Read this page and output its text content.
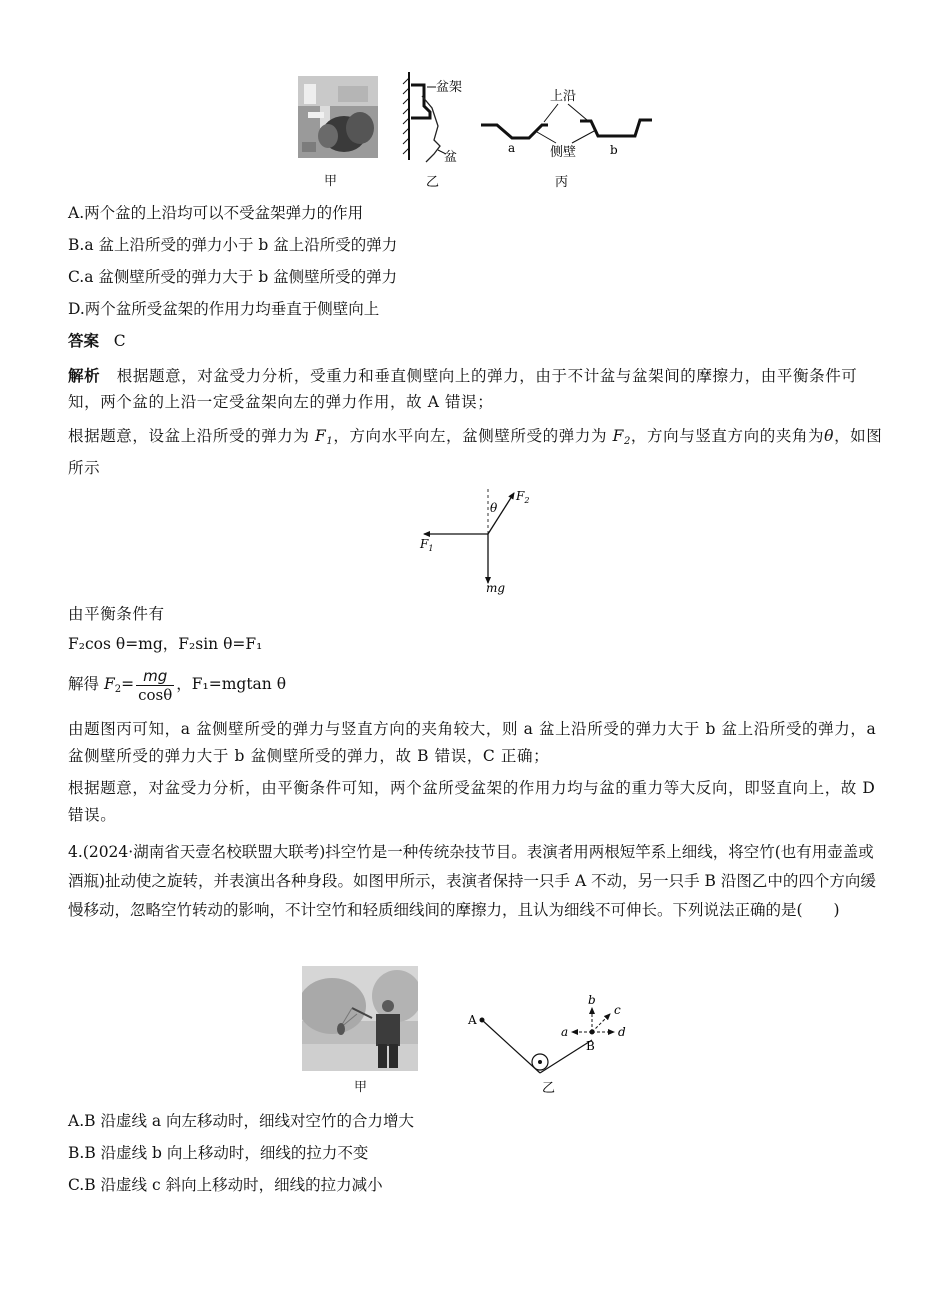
盆架
盆
上沿
侧壁
a	b
乙	丙
甲
A.两个盆的上沿均可以不受盆架弹力的作用
B.a 盆上沿所受的弹力小于 b 盆上沿所受的弹力
C.a 盆侧壁所受的弹力大于 b 盆侧壁所受的弹力
D.两个盆所受盆架的作用力均垂直于侧壁向上
答案 C
解析 根据题意，对盆受力分析，受重力和垂直侧壁向上的弹力，由于不计盆与盆架间的摩擦力，由平衡条件可知，两个盆的上沿一定受盆架向左的弹力作用，故 A 错误；
根据题意，设盆上沿所受的弹力为 $F_1$，方向水平向左，盆侧壁所受的弹力为 $F_2$，方向与竖直方向的夹角为θ，如图所示
θ
$F_2$
$F_1$
mg
由平衡条件有
F₂cos θ=mg，F₂sin θ=F₁
解得 $F_2= \frac{mg}{\cos\theta}$ ，F₁=mgtan θ
由题图丙可知，a 盆侧壁所受的弹力与竖直方向的夹角较大，则 a 盆上沿所受的弹力大于 b 盆上沿所受的弹力，a 盆侧壁所受的弹力大于 b 盆侧壁所受的弹力，故 B 错误，C 正确；
根据题意，对盆受力分析，由平衡条件可知，两个盆所受盆架的作用力均与盆的重力等大反向，即竖直向上，故 D 错误。
4.(2024·湖南省天壹名校联盟大联考)抖空竹是一种传统杂技节目。表演者用两根短竿系上细线，将空竹(也有用壶盖或酒瓶)扯动使之旋转，并表演出各种身段。如图甲所示，表演者保持一只手 A 不动，另一只手 B 沿图乙中的四个方向缓慢移动，忽略空竹转动的影响，不计空竹和轻质细线间的摩擦力，且认为细线不可伸长。下列说法正确的是(　　)
甲
A
B
b
a	d
c
乙
A.B 沿虚线 a 向左移动时，细线对空竹的合力增大
B.B 沿虚线 b 向上移动时，细线的拉力不变
C.B 沿虚线 c 斜向上移动时，细线的拉力减小
